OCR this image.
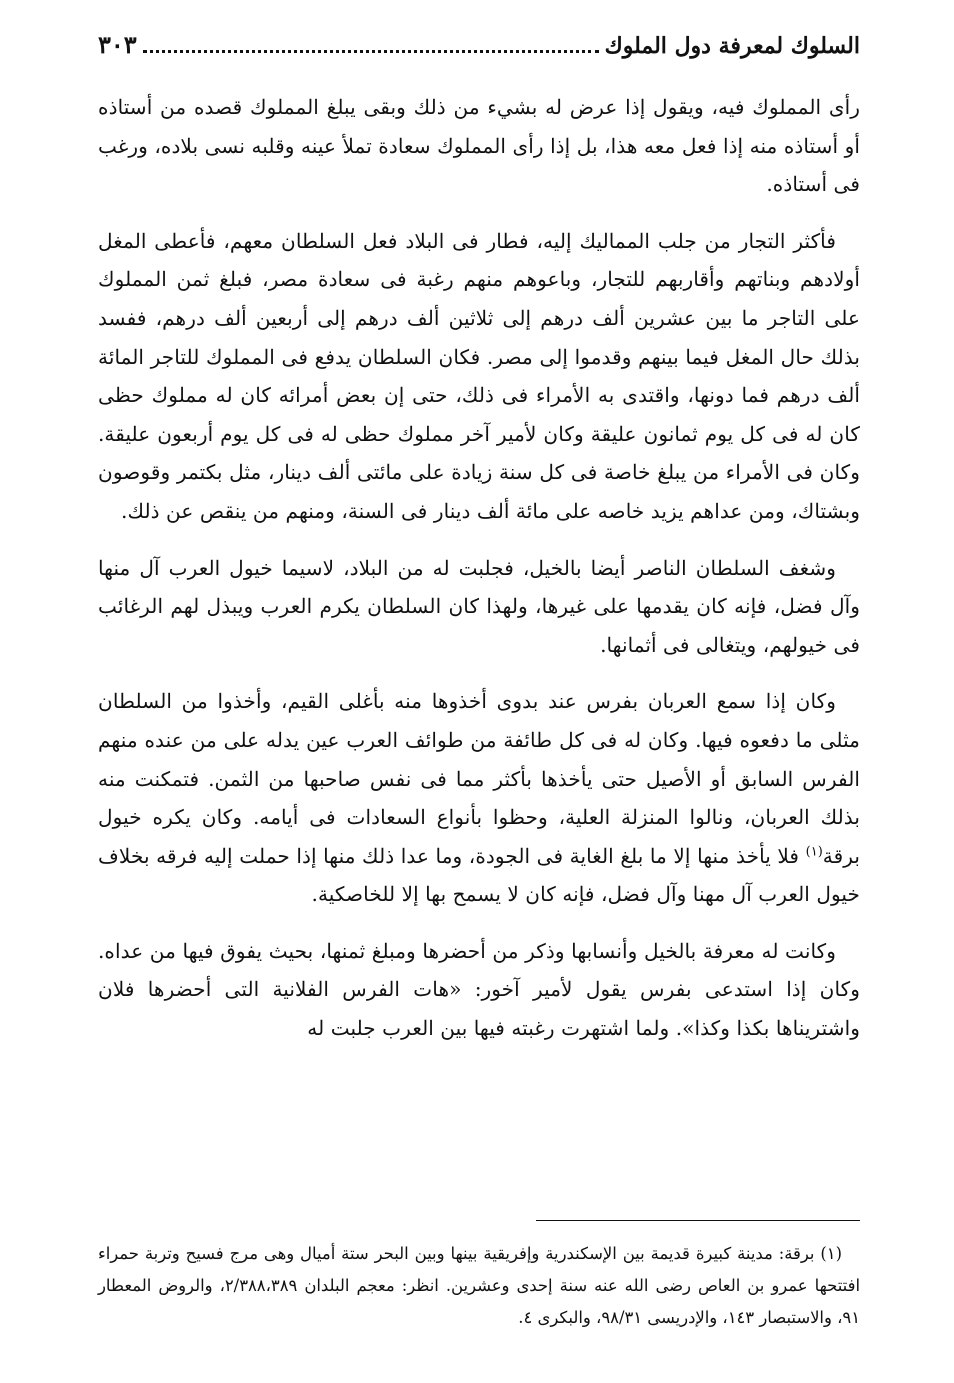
السلوك لمعرفة دول الملوك
٣٠٣

رأى المملوك فيه، ويقول إذا عرض له بشيء من ذلك وبقى يبلغ المملوك قصده من أستاذه أو أستاذه منه إذا فعل معه هذا، بل إذا رأى المملوك سعادة تملأ عينه وقلبه نسى بلاده، ورغب فى أستاذه.

فأكثر التجار من جلب المماليك إليه، فطار فى البلاد فعل السلطان معهم، فأعطى المغل أولادهم وبناتهم وأقاربهم للتجار، وباعوهم منهم رغبة فى سعادة مصر، فبلغ ثمن المملوك على التاجر ما بين عشرين ألف درهم إلى ثلاثين ألف درهم إلى أربعين ألف درهم، ففسد بذلك حال المغل فيما بينهم وقدموا إلى مصر. فكان السلطان يدفع فى المملوك للتاجر المائة ألف درهم فما دونها، واقتدى به الأمراء فى ذلك، حتى إن بعض أمرائه كان له مملوك حظى كان له فى كل يوم ثمانون عليقة وكان لأمير آخر مملوك حظى له فى كل يوم أربعون عليقة. وكان فى الأمراء من يبلغ خاصة فى كل سنة زيادة على مائتى ألف دينار، مثل بكتمر وقوصون وبشتاك، ومن عداهم يزيد خاصه على مائة ألف دينار فى السنة، ومنهم من ينقص عن ذلك.

وشغف السلطان الناصر أيضا بالخيل، فجلبت له من البلاد، لاسيما خيول العرب آل منها وآل فضل، فإنه كان يقدمها على غيرها، ولهذا كان السلطان يكرم العرب ويبذل لهم الرغائب فى خيولهم، ويتغالى فى أثمانها.

وكان إذا سمع العربان بفرس عند بدوى أخذوها منه بأغلى القيم، وأخذوا من السلطان مثلى ما دفعوه فيها. وكان له فى كل طائفة من طوائف العرب عين يدله على من عنده منهم الفرس السابق أو الأصيل حتى يأخذها بأكثر مما فى نفس صاحبها من الثمن. فتمكنت منه بذلك العربان، ونالوا المنزلة العلية، وحظوا بأنواع السعادات فى أيامه. وكان يكره خيول برقة$^{(١)}$ فلا يأخذ منها إلا ما بلغ الغاية فى الجودة، وما عدا ذلك منها إذا حملت إليه فرقه بخلاف خيول العرب آل مهنا وآل فضل، فإنه كان لا يسمح بها إلا للخاصكية.

وكانت له معرفة بالخيل وأنسابها وذكر من أحضرها ومبلغ ثمنها، بحيث يفوق فيها من عداه. وكان إذا استدعى بفرس يقول لأمير آخور: «هات الفرس الفلانية التى أحضرها فلان واشتريناها بكذا وكذا». ولما اشتهرت رغبته فيها بين العرب جلبت له

(١) برقة: مدينة كبيرة قديمة بين الإسكندرية وإفريقية بينها وبين البحر ستة أميال وهى مرج فسيح وتربة حمراء افتتحها عمرو بن العاص رضى الله عنه سنة إحدى وعشرين. انظر: معجم البلدان ٢/٣٨٨،٣٨٩، والروض المعطار ٩١، والاستبصار ١٤٣، والإدريسى ٩٨/٣١، والبكرى ٤.
